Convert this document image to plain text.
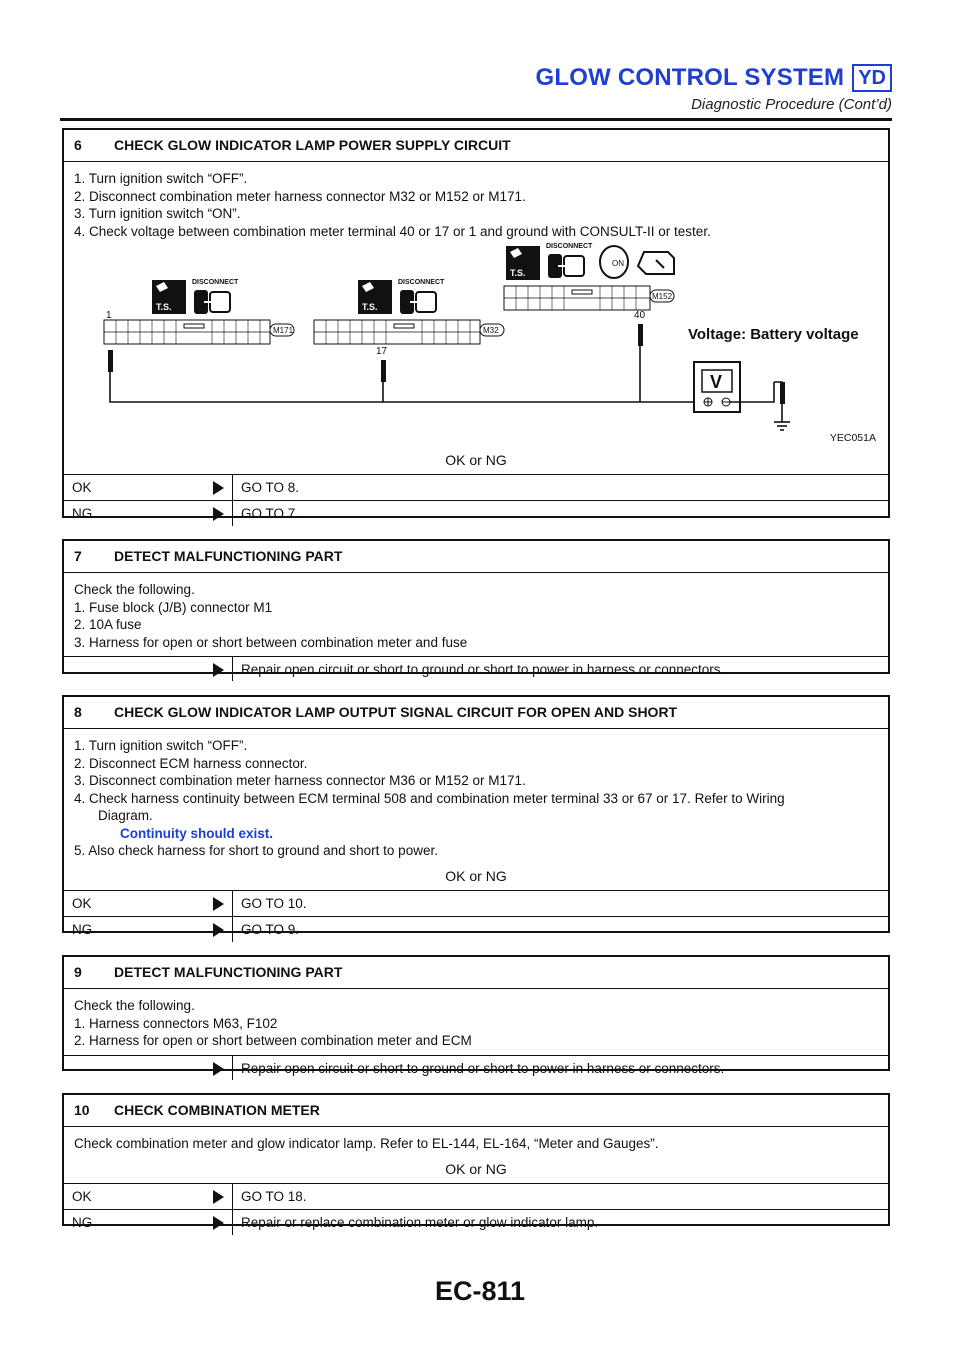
GLOW CONTROL SYSTEM YD
Diagnostic Procedure (Cont’d)
6 CHECK GLOW INDICATOR LAMP POWER SUPPLY CIRCUIT
1. Turn ignition switch “OFF”.
2. Disconnect combination meter harness connector M32 or M152 or M171.
3. Turn ignition switch “ON”.
4. Check voltage between combination meter terminal 40 or 17 or 1 and ground with CONSULT-II or tester.
T.S.
DISCONNECT
T.S.
DISCONNECT
T.S.
DISCONNECT
ON
1
M171
17
M32
40
M152
V
Voltage: Battery voltage
YEC051A
OK or NG
OK	GO TO 8.
NG	GO TO 7.
7 DETECT MALFUNCTIONING PART
Check the following.
1. Fuse block (J/B) connector M1
2. 10A fuse
3. Harness for open or short between combination meter and fuse
Repair open circuit or short to ground or short to power in harness or connectors.
8 CHECK GLOW INDICATOR LAMP OUTPUT SIGNAL CIRCUIT FOR OPEN AND SHORT
1. Turn ignition switch “OFF”.
2. Disconnect ECM harness connector.
3. Disconnect combination meter harness connector M36 or M152 or M171.
4. Check harness continuity between ECM terminal 508 and combination meter terminal 33 or 67 or 17. Refer to Wiring
Diagram.
Continuity should exist.
5. Also check harness for short to ground and short to power.
OK or NG
OK	GO TO 10.
NG	GO TO 9.
9 DETECT MALFUNCTIONING PART
Check the following.
1. Harness connectors M63, F102
2. Harness for open or short between combination meter and ECM
Repair open circuit or short to ground or short to power in harness or connectors.
10 CHECK COMBINATION METER
Check combination meter and glow indicator lamp. Refer to EL-144, EL-164, “Meter and Gauges”.
OK or NG
OK	GO TO 18.
NG	Repair or replace combination meter or glow indicator lamp.
EC-811
